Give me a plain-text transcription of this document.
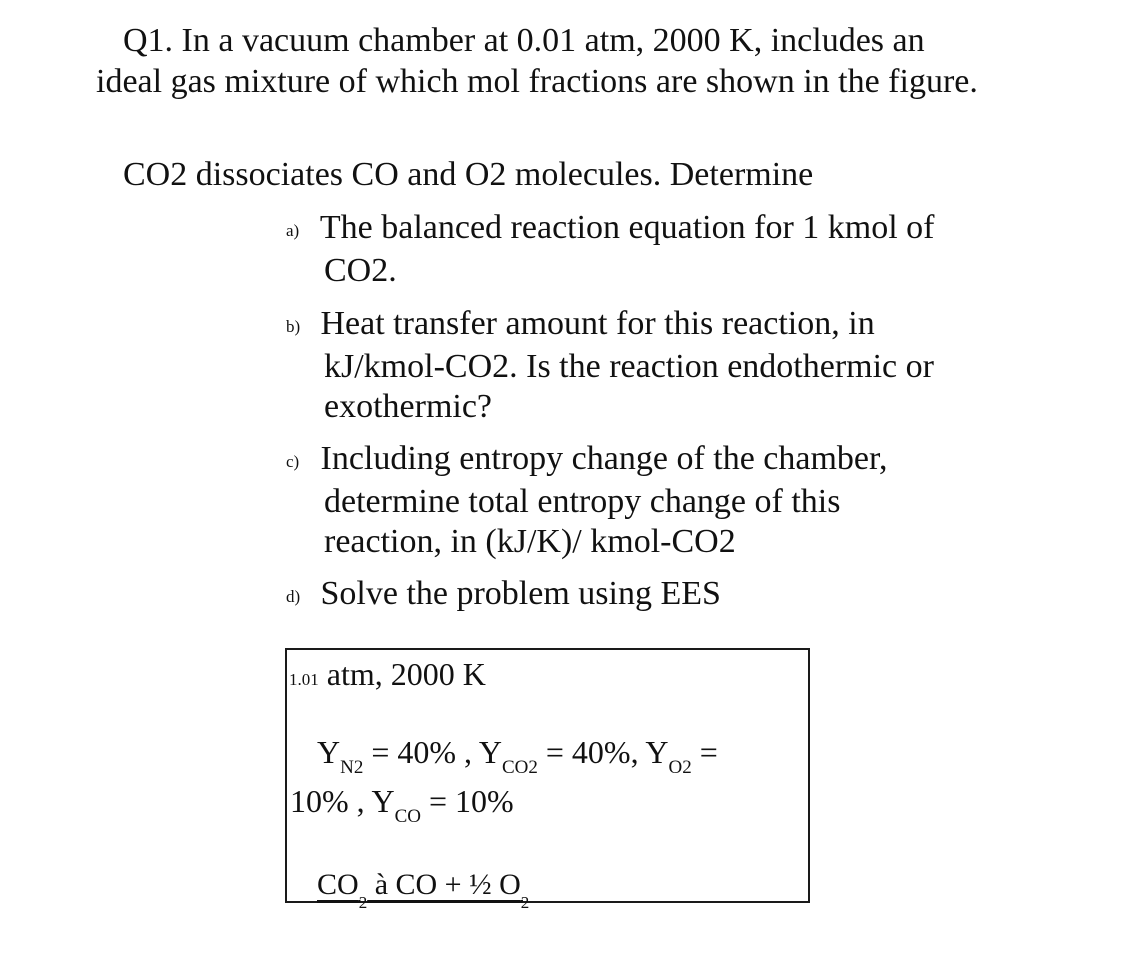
Q1. In a vacuum chamber at 0.01 atm, 2000 K, includes an ideal gas mixture of which mol fractions are shown in the figure.

CO2 dissociates CO and O2 molecules. Determine

a) The balanced reaction equation for 1 kmol of
CO2.
b) Heat transfer amount for this reaction, in
kJ/kmol-CO2. Is the reaction endothermic or exothermic?
c) Including entropy change of the chamber,
determine total entropy change of this reaction, in (kJ/K)/ kmol-CO2
d) Solve the problem using EES
1.01 atm, 2000 K
$Y_{N2} = 40\%$ , $Y_{CO2} = 40\%$, $Y_{O2}$ =
10% , $Y_{CO} = 10\%$
$CO_2$ à CO + ½ $O_2$
